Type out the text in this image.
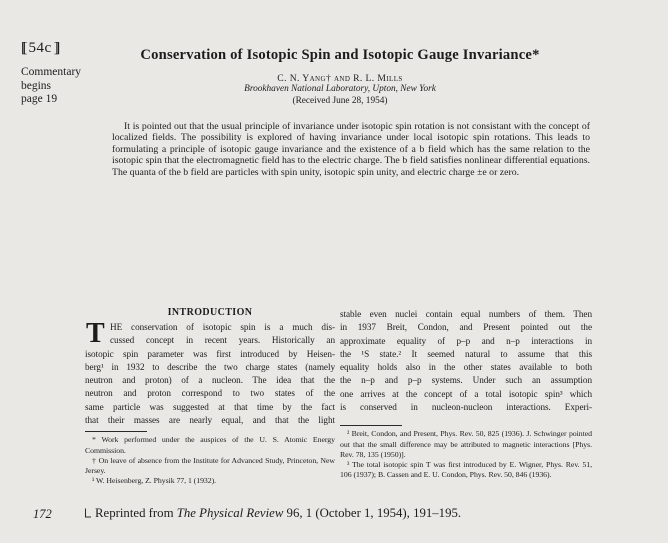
[ 54c ]
Commentary
begins
page 19
Conservation of Isotopic Spin and Isotopic Gauge Invariance*
C. N. Yang† and R. L. Mills
Brookhaven National Laboratory, Upton, New York
(Received June 28, 1954)
It is pointed out that the usual principle of invariance under isotopic spin rotation is not consistant with the concept of localized fields. The possibility is explored of having invariance under local isotopic spin rotations. This leads to formulating a principle of isotopic gauge invariance and the existence of a b field which has the same relation to the isotopic spin that the electromagnetic field has to the electric charge. The b field satisfies nonlinear differential equations. The quanta of the b field are particles with spin unity, isotopic spin unity, and electric charge ±e or zero.
INTRODUCTION
T HE conservation of isotopic spin is a much dis-
cussed concept in recent years. Historically an
isotopic spin parameter was first introduced by Heisen-
berg¹ in 1932 to describe the two charge states (namely
neutron and proton) of a nucleon. The idea that the
neutron and proton correspond to two states of the
same particle was suggested at that time by the fact
that their masses are nearly equal, and that the light
* Work performed under the auspices of the U. S. Atomic Energy Commission.
† On leave of absence from the Institute for Advanced Study, Princeton, New Jersey.
¹ W. Heisenberg, Z. Physik 77, 1 (1932).
stable even nuclei contain equal numbers of them. Then
in 1937 Breit, Condon, and Present pointed out the
approximate equality of p–p and n–p interactions in
the ¹S state.² It seemed natural to assume that this
equality holds also in the other states available to both
the n–p and p–p systems. Under such an assumption
one arrives at the concept of a total isotopic spin³ which
is conserved in nucleon-nucleon interactions. Experi-
² Breit, Condon, and Present, Phys. Rev. 50, 825 (1936). J. Schwinger pointed out that the small difference may be attributed to magnetic interactions [Phys. Rev. 78, 135 (1950)].
³ The total isotopic spin T was first introduced by E. Wigner, Phys. Rev. 51, 106 (1937); B. Cassen and E. U. Condon, Phys. Rev. 50, 846 (1936).
172	Reprinted from The Physical Review 96, 1 (October 1, 1954), 191–195.
